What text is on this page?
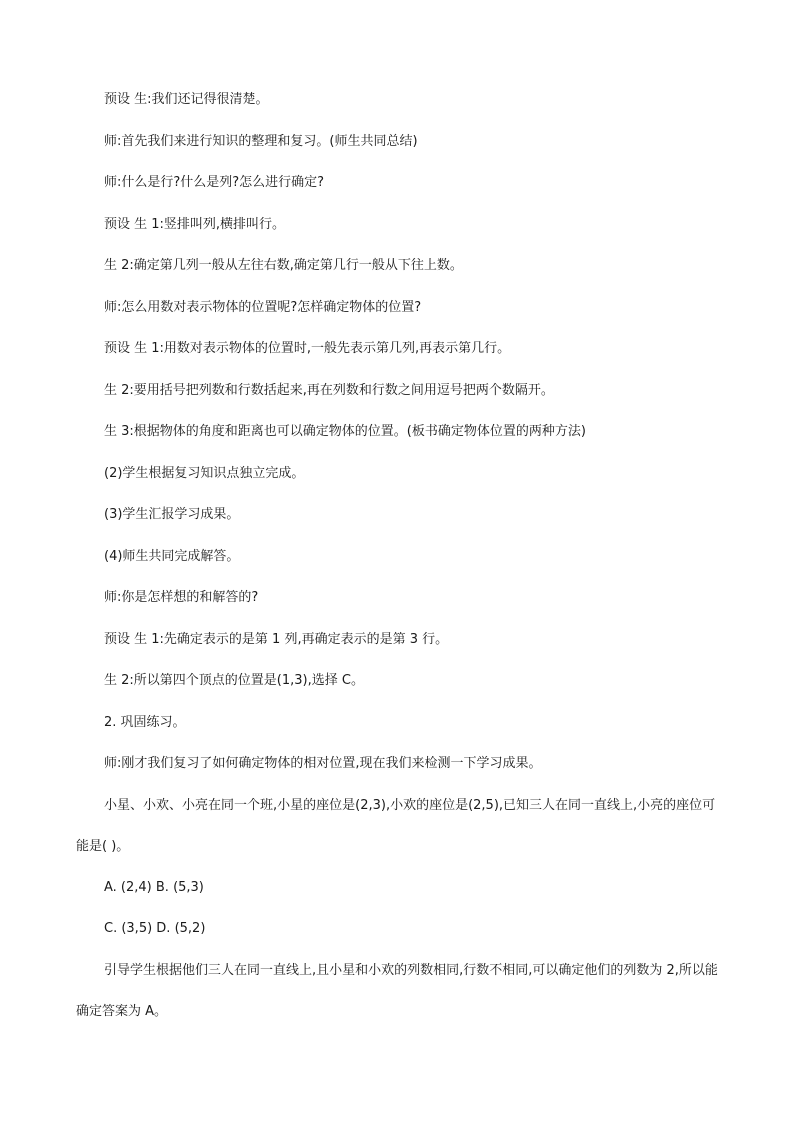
预设 生:我们还记得很清楚。

师:首先我们来进行知识的整理和复习。(师生共同总结)

师:什么是行?什么是列?怎么进行确定?

预设 生 1:竖排叫列,横排叫行。

生 2:确定第几列一般从左往右数,确定第几行一般从下往上数。

师:怎么用数对表示物体的位置呢?怎样确定物体的位置?

预设 生 1:用数对表示物体的位置时,一般先表示第几列,再表示第几行。

生 2:要用括号把列数和行数括起来,再在列数和行数之间用逗号把两个数隔开。

生 3:根据物体的角度和距离也可以确定物体的位置。(板书确定物体位置的两种方法)

(2)学生根据复习知识点独立完成。

(3)学生汇报学习成果。

(4)师生共同完成解答。

师:你是怎样想的和解答的?

预设 生 1:先确定表示的是第 1 列,再确定表示的是第 3 行。

生 2:所以第四个顶点的位置是(1,3),选择 C。

2. 巩固练习。

师:刚才我们复习了如何确定物体的相对位置,现在我们来检测一下学习成果。

小星、小欢、小亮在同一个班,小星的座位是(2,3),小欢的座位是(2,5),已知三人在同一直线上,小亮的座位可能是( )。

A. (2,4) B. (5,3)

C. (3,5) D. (5,2)

引导学生根据他们三人在同一直线上,且小星和小欢的列数相同,行数不相同,可以确定他们的列数为 2,所以能确定答案为 A。
